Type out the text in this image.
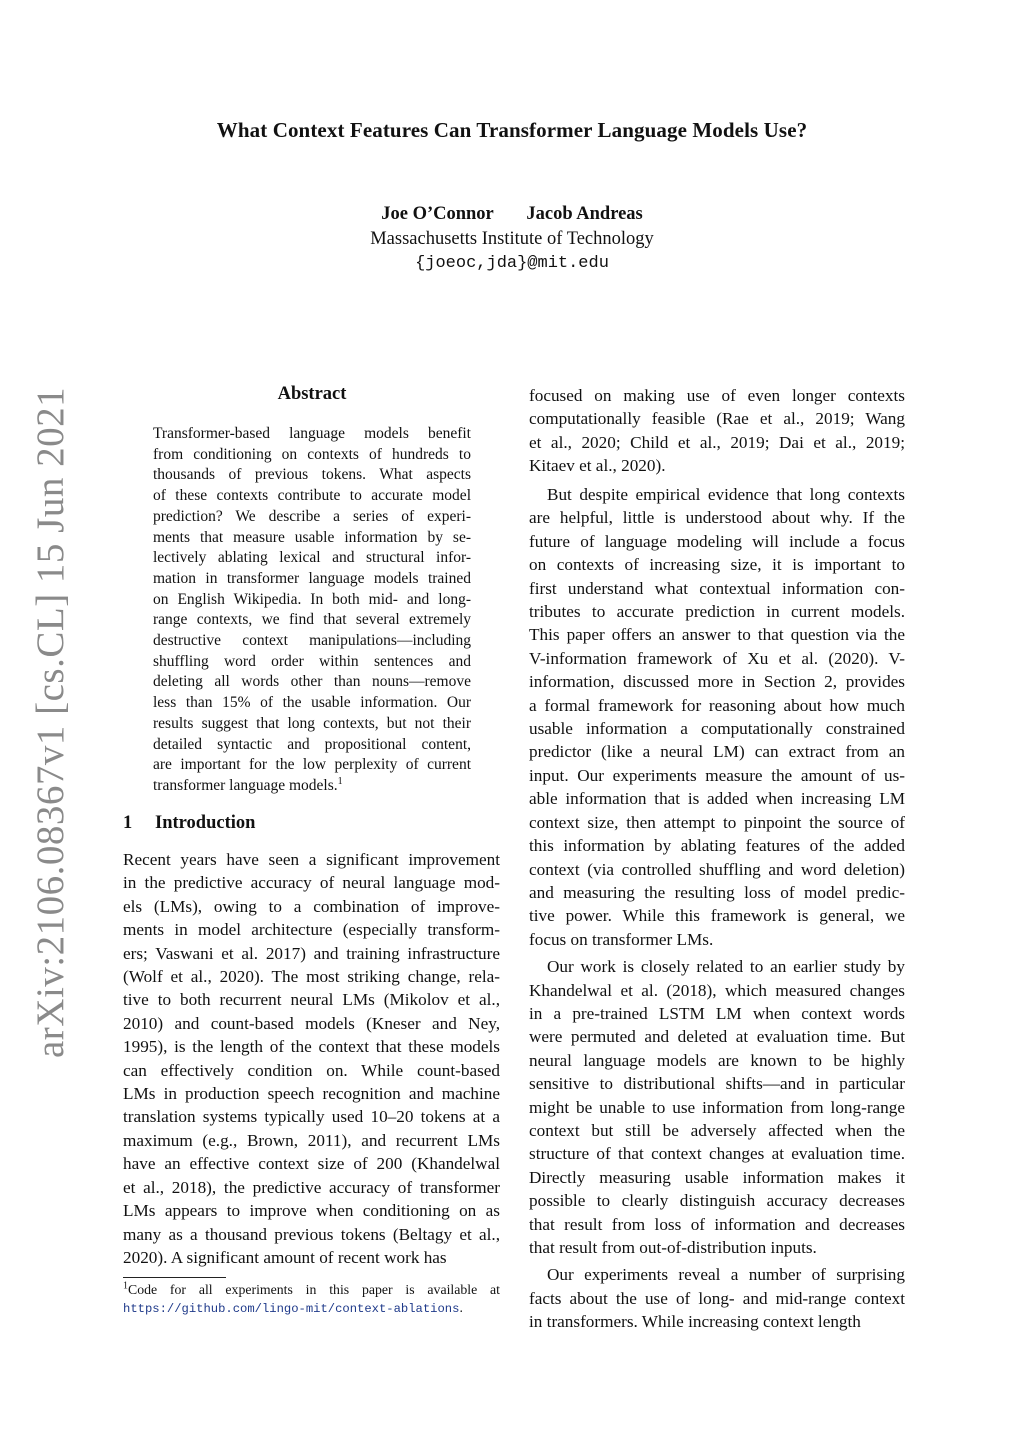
What Context Features Can Transformer Language Models Use?
Joe O’Connor Jacob Andreas
Massachusetts Institute of Technology
{joeoc,jda}@mit.edu
arXiv:2106.08367v1 [cs.CL] 15 Jun 2021	Abstract
Transformer-based language models benefit
from conditioning on contexts of hundreds to
thousands of previous tokens. What aspects
of these contexts contribute to accurate model
prediction? We describe a series of experi-
ments that measure usable information by se-
lectively ablating lexical and structural infor-
mation in transformer language models trained
on English Wikipedia. In both mid- and long-
range contexts, we find that several extremely
destructive context manipulations—including
shuffling word order within sentences and
deleting all words other than nouns—remove
less than 15% of the usable information. Our
results suggest that long contexts, but not their
detailed syntactic and propositional content,
are important for the low perplexity of current
transformer language models.$^1$
1 Introduction
Recent years have seen a significant improvement
in the predictive accuracy of neural language mod-
els (LMs), owing to a combination of improve-
ments in model architecture (especially transform-
ers; Vaswani et al. 2017) and training infrastructure
(Wolf et al., 2020). The most striking change, rela-
tive to both recurrent neural LMs (Mikolov et al.,
2010) and count-based models (Kneser and Ney,
1995), is the length of the context that these models
can effectively condition on. While count-based
LMs in production speech recognition and machine
translation systems typically used 10–20 tokens at a
maximum (e.g., Brown, 2011), and recurrent LMs
have an effective context size of 200 (Khandelwal
et al., 2018), the predictive accuracy of transformer
LMs appears to improve when conditioning on as
many as a thousand previous tokens (Beltagy et al.,
2020). A significant amount of recent work has
focused on making use of even longer contexts
computationally feasible (Rae et al., 2019; Wang
et al., 2020; Child et al., 2019; Dai et al., 2019;
Kitaev et al., 2020).
But despite empirical evidence that long contexts
are helpful, little is understood about why. If the
future of language modeling will include a focus
on contexts of increasing size, it is important to
first understand what contextual information con-
tributes to accurate prediction in current models.
This paper offers an answer to that question via the
V-information framework of Xu et al. (2020). V-
information, discussed more in Section 2, provides
a formal framework for reasoning about how much
usable information a computationally constrained
predictor (like a neural LM) can extract from an
input. Our experiments measure the amount of us-
able information that is added when increasing LM
context size, then attempt to pinpoint the source of
this information by ablating features of the added
context (via controlled shuffling and word deletion)
and measuring the resulting loss of model predic-
tive power. While this framework is general, we
focus on transformer LMs.
Our work is closely related to an earlier study by
Khandelwal et al. (2018), which measured changes
in a pre-trained LSTM LM when context words
were permuted and deleted at evaluation time. But
neural language models are known to be highly
sensitive to distributional shifts—and in particular
might be unable to use information from long-range
context but still be adversely affected when the
structure of that context changes at evaluation time.
Directly measuring usable information makes it
possible to clearly distinguish accuracy decreases
that result from loss of information and decreases
that result from out-of-distribution inputs.
Our experiments reveal a number of surprising
facts about the use of long- and mid-range context
in transformers. While increasing context length
$^1$Code for all experiments in this paper is available at
https://github.com/lingo-mit/context-ablations.
